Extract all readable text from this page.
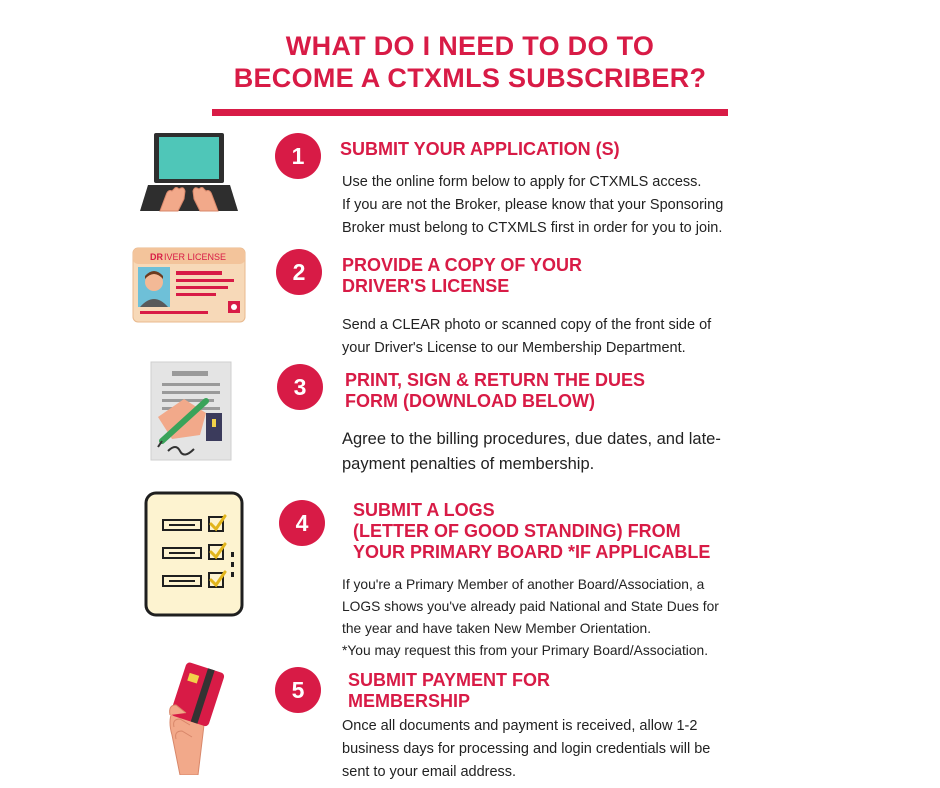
WHAT DO I NEED TO DO TO
BECOME A CTXMLS SUBSCRIBER?
1	SUBMIT YOUR APPLICATION (S)
Use the online form below to apply for CTXMLS access.
If you are not the Broker, please know that your Sponsoring
Broker must belong to CTXMLS first in order for you to join.
DR IVER LICENSE
2	PROVIDE A COPY OF YOUR
DRIVER'S LICENSE
Send a CLEAR photo or scanned copy of the front side of
your Driver's License to our Membership Department.
3	PRINT, SIGN & RETURN THE DUES
FORM (DOWNLOAD BELOW)
Agree to the billing procedures, due dates, and late-
payment penalties of membership.
4	SUBMIT A LOGS
(LETTER OF GOOD STANDING) FROM
YOUR PRIMARY BOARD *IF APPLICABLE
If you're a Primary Member of another Board/Association, a
LOGS shows you've already paid National and State Dues for
the year and have taken New Member Orientation.
*You may request this from your Primary Board/Association.
5	SUBMIT PAYMENT FOR
MEMBERSHIP
Once all documents and payment is received, allow 1-2
business days for processing and login credentials will be
sent to your email address.
